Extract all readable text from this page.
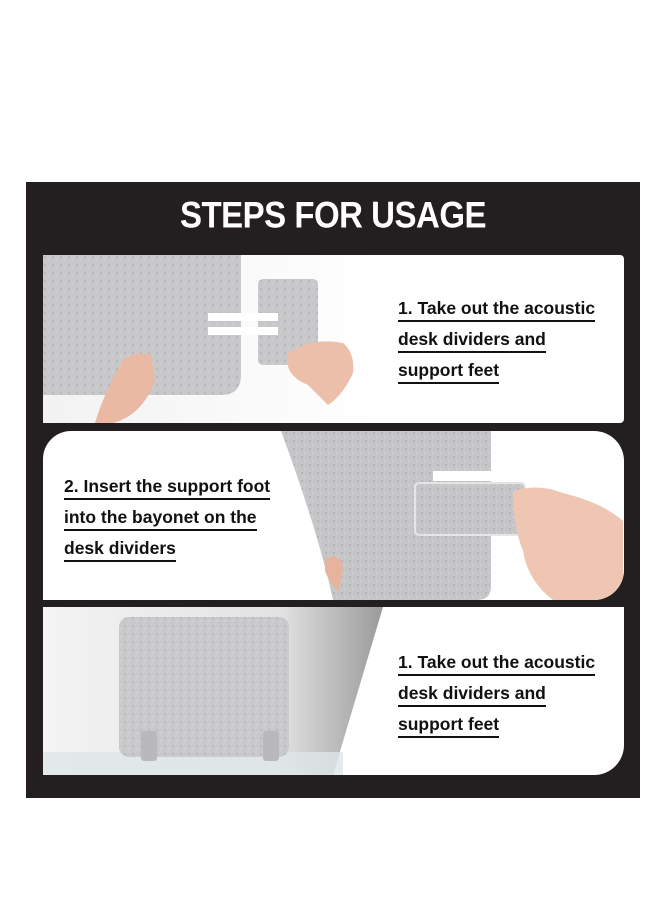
STEPS FOR USAGE
1. Take out the acoustic
desk dividers and
support feet
2. Insert the support foot
into the bayonet on the
desk dividers
1. Take out the acoustic
desk dividers and
support feet
